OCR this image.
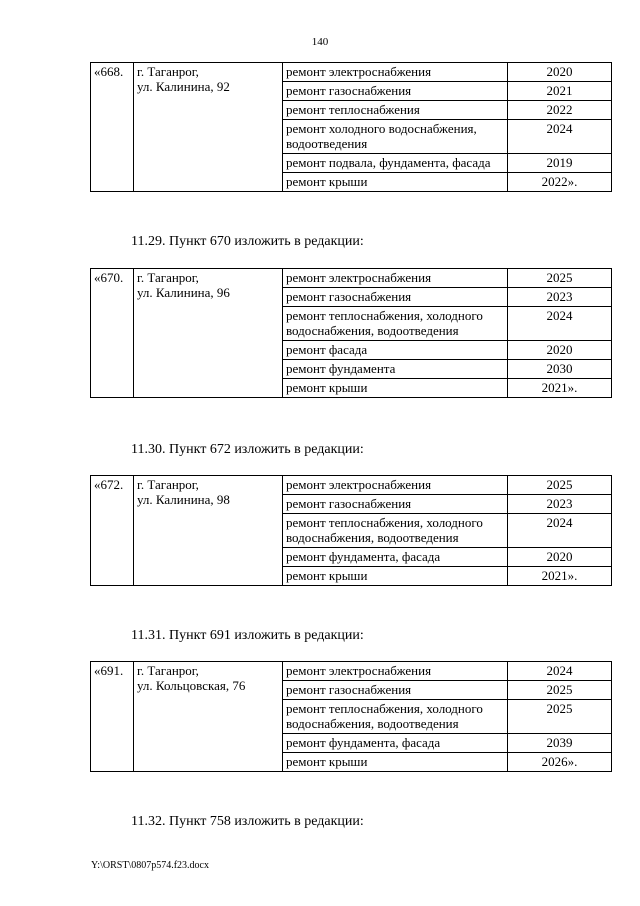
140
«668.	г. Таганрог,
ул. Калинина, 92	ремонт электроснабжения	2020
		ремонт газоснабжения	2021
		ремонт теплоснабжения	2022
		ремонт холодного водоснабжения, водоотведения	2024
		ремонт подвала, фундамента, фасада	2019
		ремонт крыши	2022».
11.29. Пункт 670 изложить в редакции:
«670.	г. Таганрог,
ул. Калинина, 96	ремонт электроснабжения	2025
		ремонт газоснабжения	2023
		ремонт теплоснабжения, холодного водоснабжения, водоотведения	2024
		ремонт фасада	2020
		ремонт фундамента	2030
		ремонт крыши	2021».
11.30. Пункт 672 изложить в редакции:
«672.	г. Таганрог,
ул. Калинина, 98	ремонт электроснабжения	2025
		ремонт газоснабжения	2023
		ремонт теплоснабжения, холодного водоснабжения, водоотведения	2024
		ремонт фундамента, фасада	2020
		ремонт крыши	2021».
11.31. Пункт 691 изложить в редакции:
«691.	г. Таганрог,
ул. Кольцовская, 76	ремонт электроснабжения	2024
		ремонт газоснабжения	2025
		ремонт теплоснабжения, холодного водоснабжения, водоотведения	2025
		ремонт фундамента, фасада	2039
		ремонт крыши	2026».
11.32. Пункт 758 изложить в редакции:
Y:\ORST\0807p574.f23.docx
